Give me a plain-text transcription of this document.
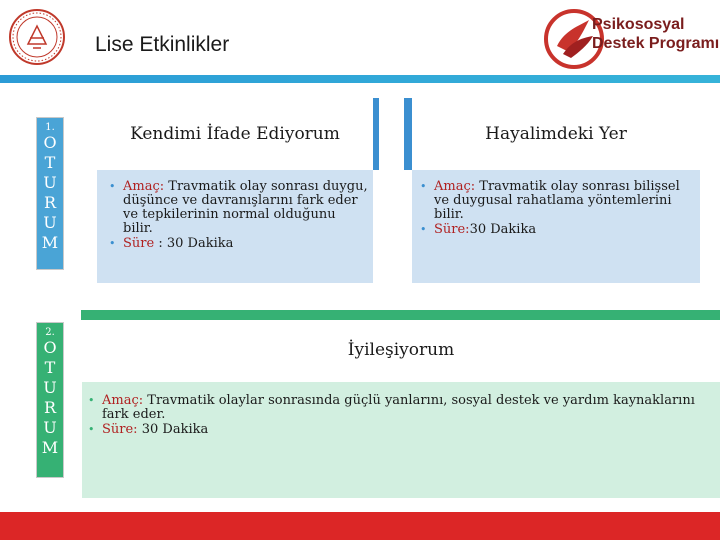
Lise Etkinlikler
Psikososyal
Destek Programı
1.
O
T
U
R
U
M
2.
O
T
U
R
U
M
Kendimi İfade Ediyorum
• Amaç: Travmatik olay sonrası duygu, düşünce ve davranışlarını fark eder ve tepkilerinin normal olduğunu bilir.
• Süre : 30 Dakika
Hayalimdeki Yer
• Amaç: Travmatik olay sonrası bilişsel ve duygusal rahatlama yöntemlerini bilir.
• Süre:30 Dakika
İyileşiyorum
• Amaç: Travmatik olaylar sonrasında güçlü yanlarını, sosyal destek ve yardım kaynaklarını fark eder.
• Süre: 30 Dakika
